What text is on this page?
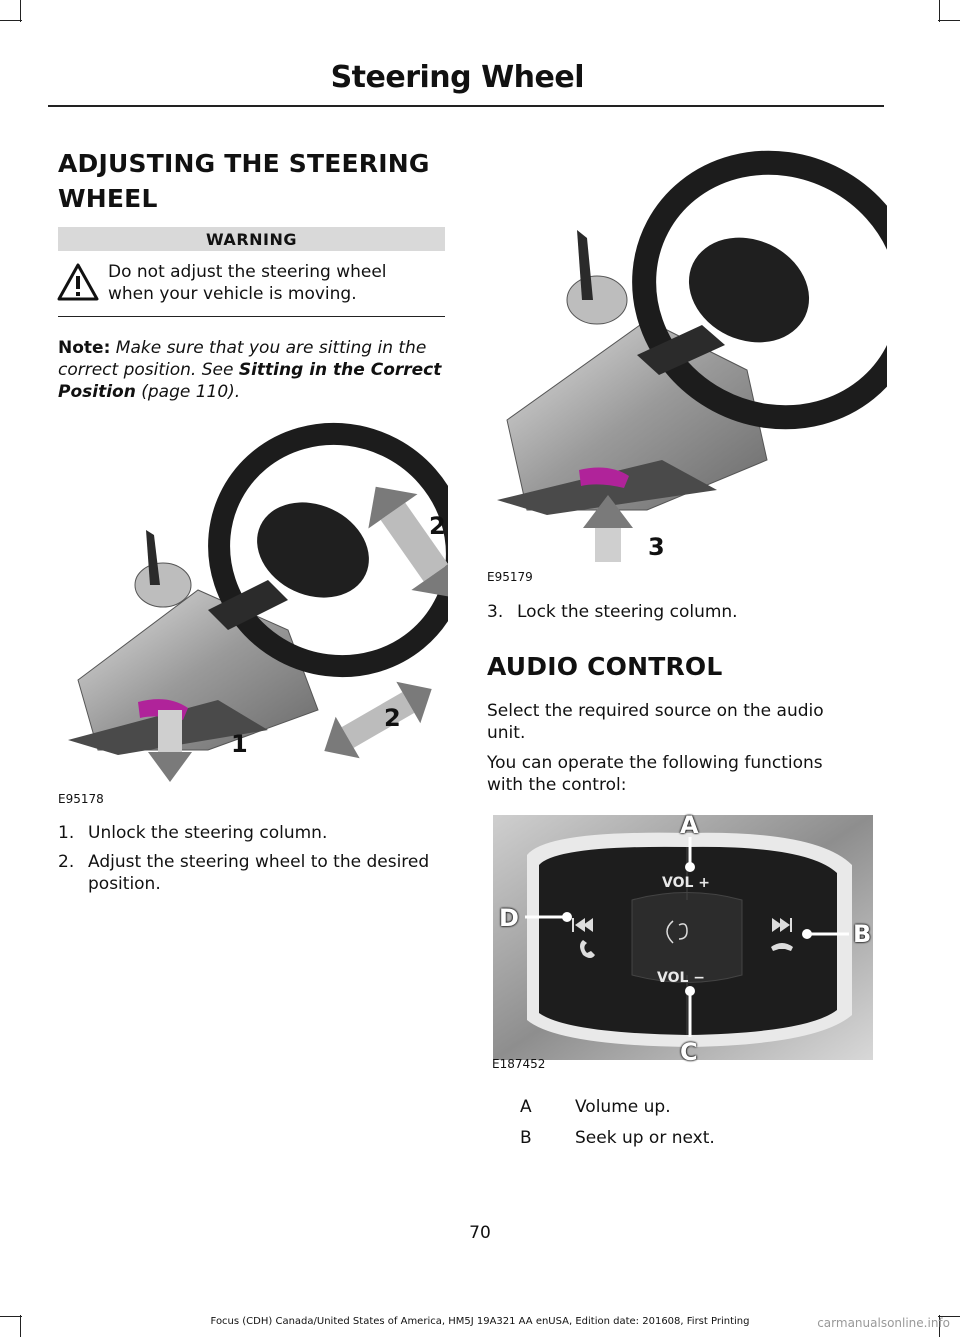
Steering Wheel
ADJUSTING THE STEERING
WHEEL
WARNING
Do not adjust the steering wheel
when your vehicle is moving.
Note: Make sure that you are sitting in the correct position. See Sitting in the Correct Position (page 110).
2
2
1
E95178
1. Unlock the steering column.
2. Adjust the steering wheel to the desired
position.
3
E95179
3. Lock the steering column.
AUDIO CONTROL
Select the required source on the audio
unit.
You can operate the following functions
with the control:
VOL +
VOL −
A
D
B
C
E187452
A	Volume up.
B	Seek up or next.
70
Focus (CDH) Canada/United States of America, HM5J 19A321 AA enUSA, Edition date: 201608, First Printing	carmanualsonline.info
